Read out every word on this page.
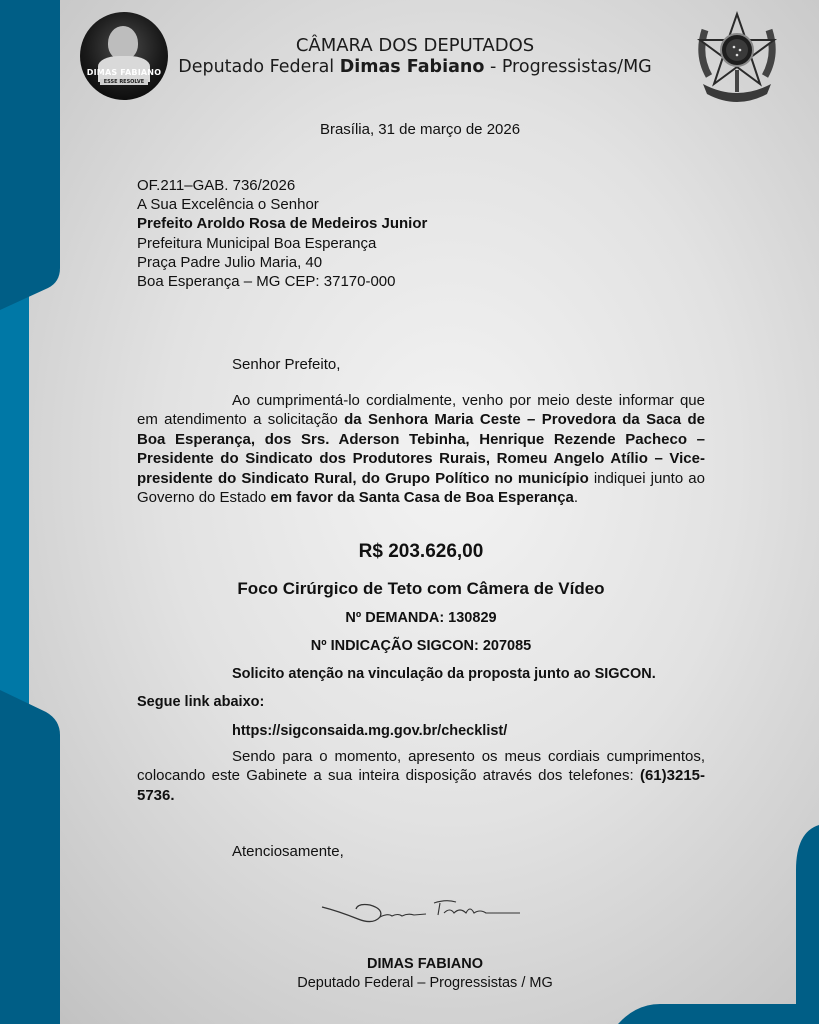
DIMAS FABIANO
ESSE RESOLVE
CÂMARA DOS DEPUTADOS
Deputado Federal Dimas Fabiano - Progressistas/MG
Brasília, 31 de março de 2026
OF.211–GAB. 736/2026
A Sua Excelência o Senhor
Prefeito Aroldo Rosa de Medeiros Junior
Prefeitura Municipal Boa Esperança
Praça Padre Julio Maria, 40
Boa Esperança – MG CEP: 37170-000
Senhor Prefeito,
Ao cumprimentá-lo cordialmente, venho por meio deste informar que em atendimento a solicitação da Senhora Maria Ceste – Provedora da Saca de Boa Esperança, dos Srs. Aderson Tebinha, Henrique Rezende Pacheco – Presidente do Sindicato dos Produtores Rurais, Romeu Angelo Atílio – Vice-presidente do Sindicato Rural, do Grupo Político no município indiquei junto ao Governo do Estado em favor da Santa Casa de Boa Esperança.
R$ 203.626,00
Foco Cirúrgico de Teto com Câmera de Vídeo
Nº DEMANDA: 130829
Nº INDICAÇÃO SIGCON: 207085
Solicito atenção na vinculação da proposta junto ao SIGCON.
Segue link abaixo:
https://sigconsaida.mg.gov.br/checklist/
Sendo para o momento, apresento os meus cordiais cumprimentos, colocando este Gabinete a sua inteira disposição através dos telefones: (61)3215-5736.
Atenciosamente,
DIMAS FABIANO
Deputado Federal – Progressistas / MG
